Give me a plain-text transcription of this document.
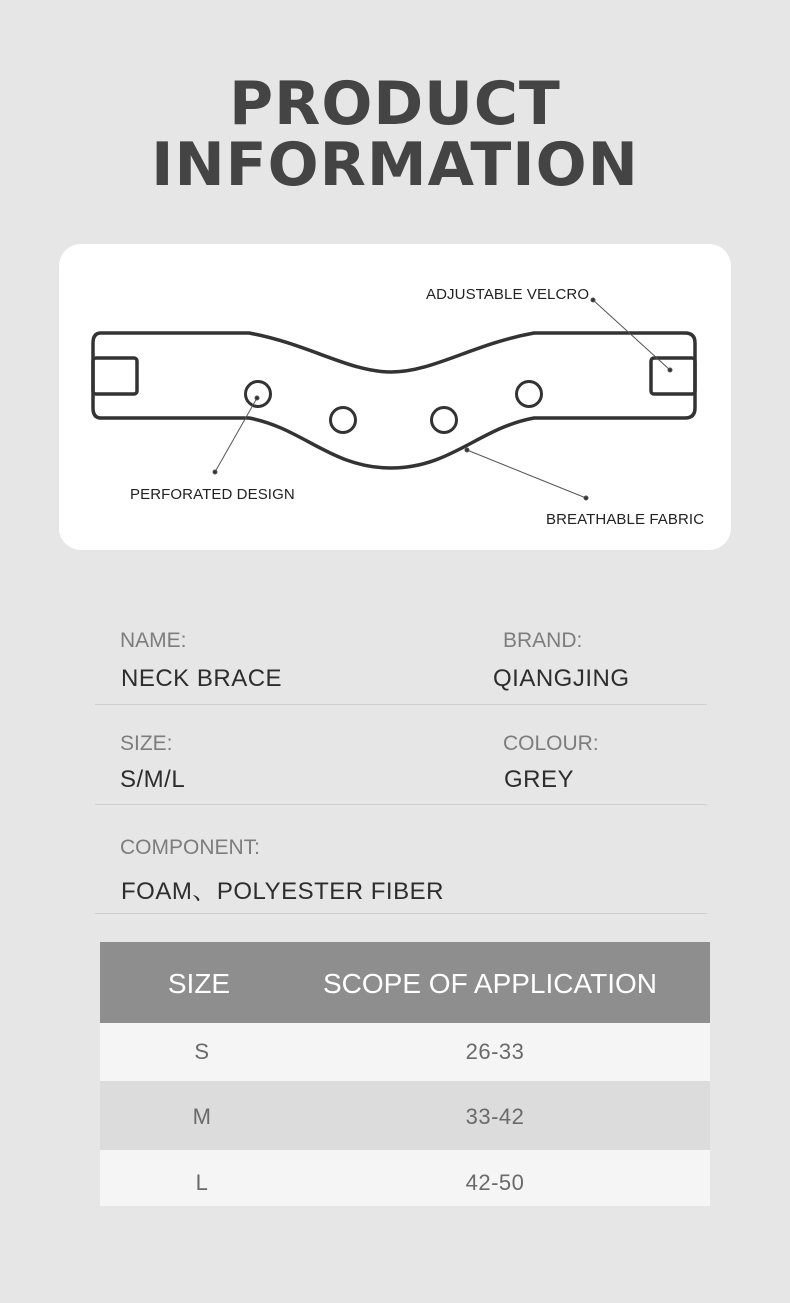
PRODUCT
INFORMATION
ADJUSTABLE VELCRO
PERFORATED DESIGN
BREATHABLE FABRIC
NAME:
NECK BRACE
BRAND:
QIANGJING
SIZE:
S/M/L
COLOUR:
GREY
COMPONENT:
FOAM、POLYESTER FIBER
SIZE	SCOPE OF APPLICATION
S	26-33
M	33-42
L	42-50
